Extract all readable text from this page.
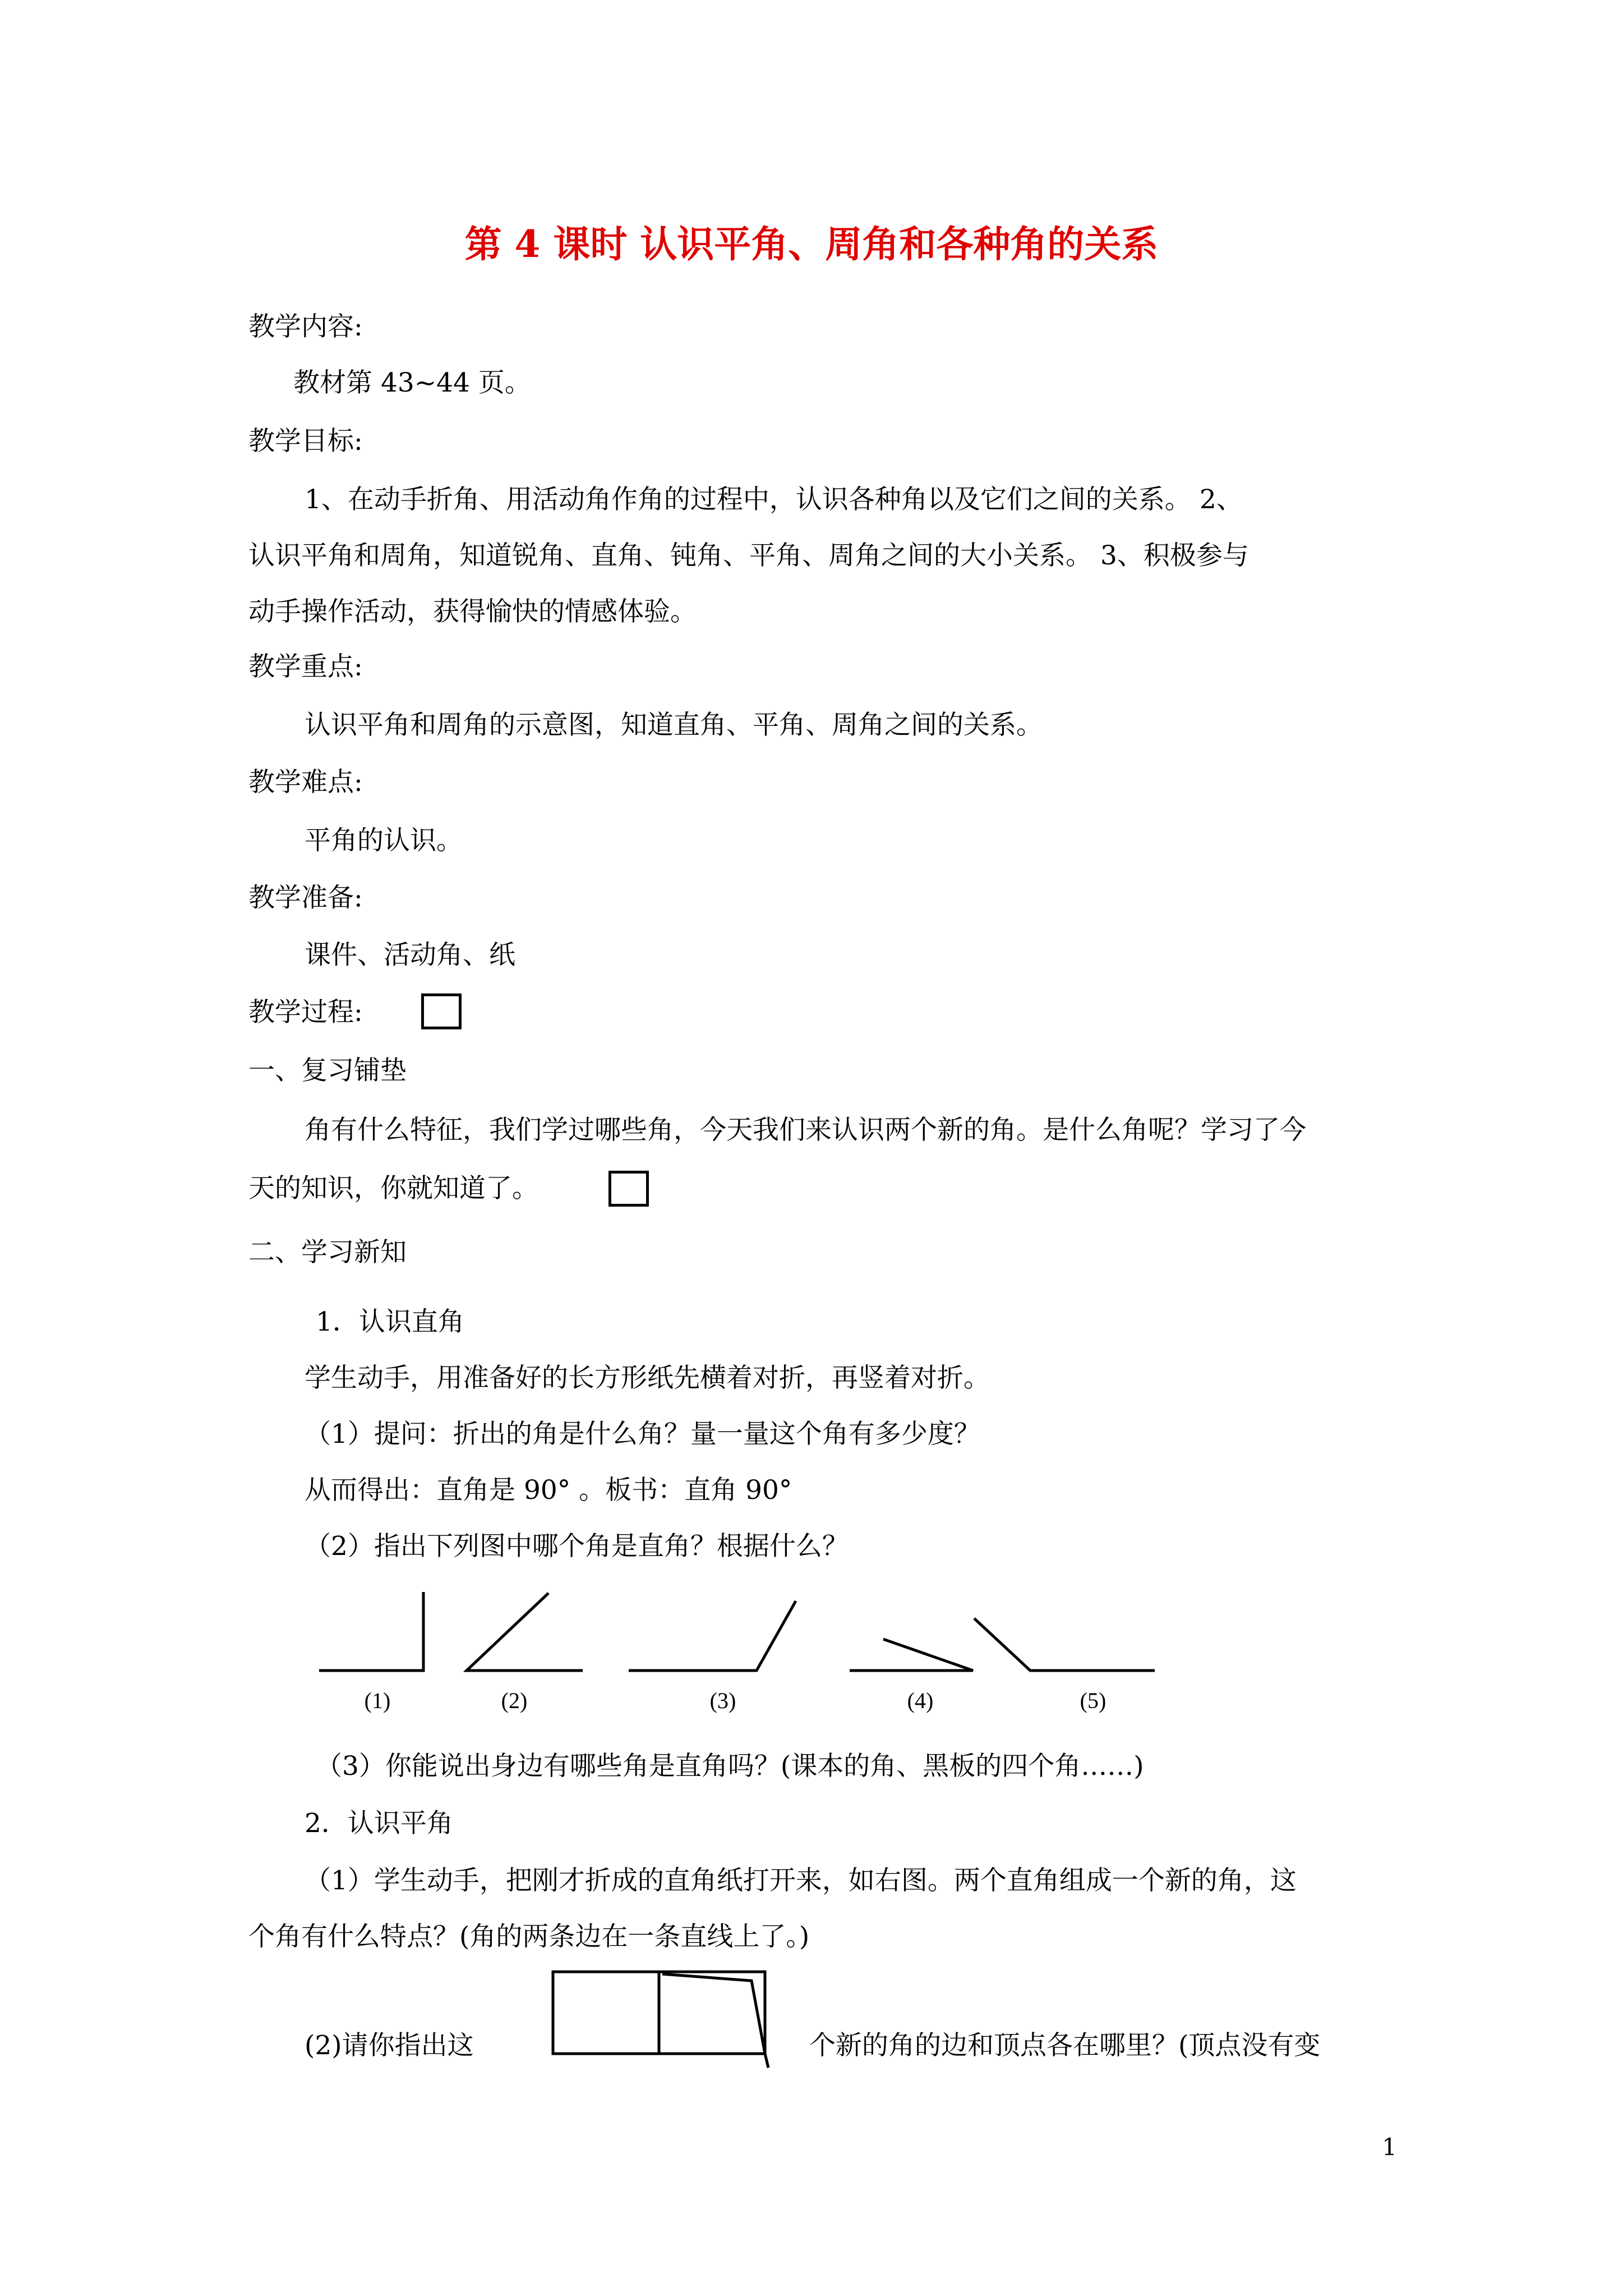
第 4 课时 认识平角、周角和各种角的关系
教学内容:
教材第 43~44 页。
教学目标:
1、在动手折角、用活动角作角的过程中，认识各种角以及它们之间的关系。 2、
认识平角和周角，知道锐角、直角、钝角、平角、周角之间的大小关系。 3、积极参与
动手操作活动，获得愉快的情感体验。
教学重点:
认识平角和周角的示意图，知道直角、平角、周角之间的关系。
教学难点:
平角的认识。
教学准备:
课件、活动角、纸
教学过程:
一、复习铺垫
角有什么特征，我们学过哪些角，今天我们来认识两个新的角。是什么角呢？学习了今
天的知识，你就知道了。
二、学习新知
1．认识直角
学生动手，用准备好的长方形纸先横着对折，再竖着对折。
（1）提问：折出的角是什么角？量一量这个角有多少度？
从而得出：直角是 90° 。板书：直角 90°
（2）指出下列图中哪个角是直角？根据什么？
(1)	(2)	(3)	(4)	(5)
（3）你能说出身边有哪些角是直角吗？(课本的角、黑板的四个角……)
2．认识平角
（1）学生动手，把刚才折成的直角纸打开来，如右图。两个直角组成一个新的角，这
个角有什么特点？(角的两条边在一条直线上了。)
(2)请你指出这	个新的角的边和顶点各在哪里？(顶点没有变
1
